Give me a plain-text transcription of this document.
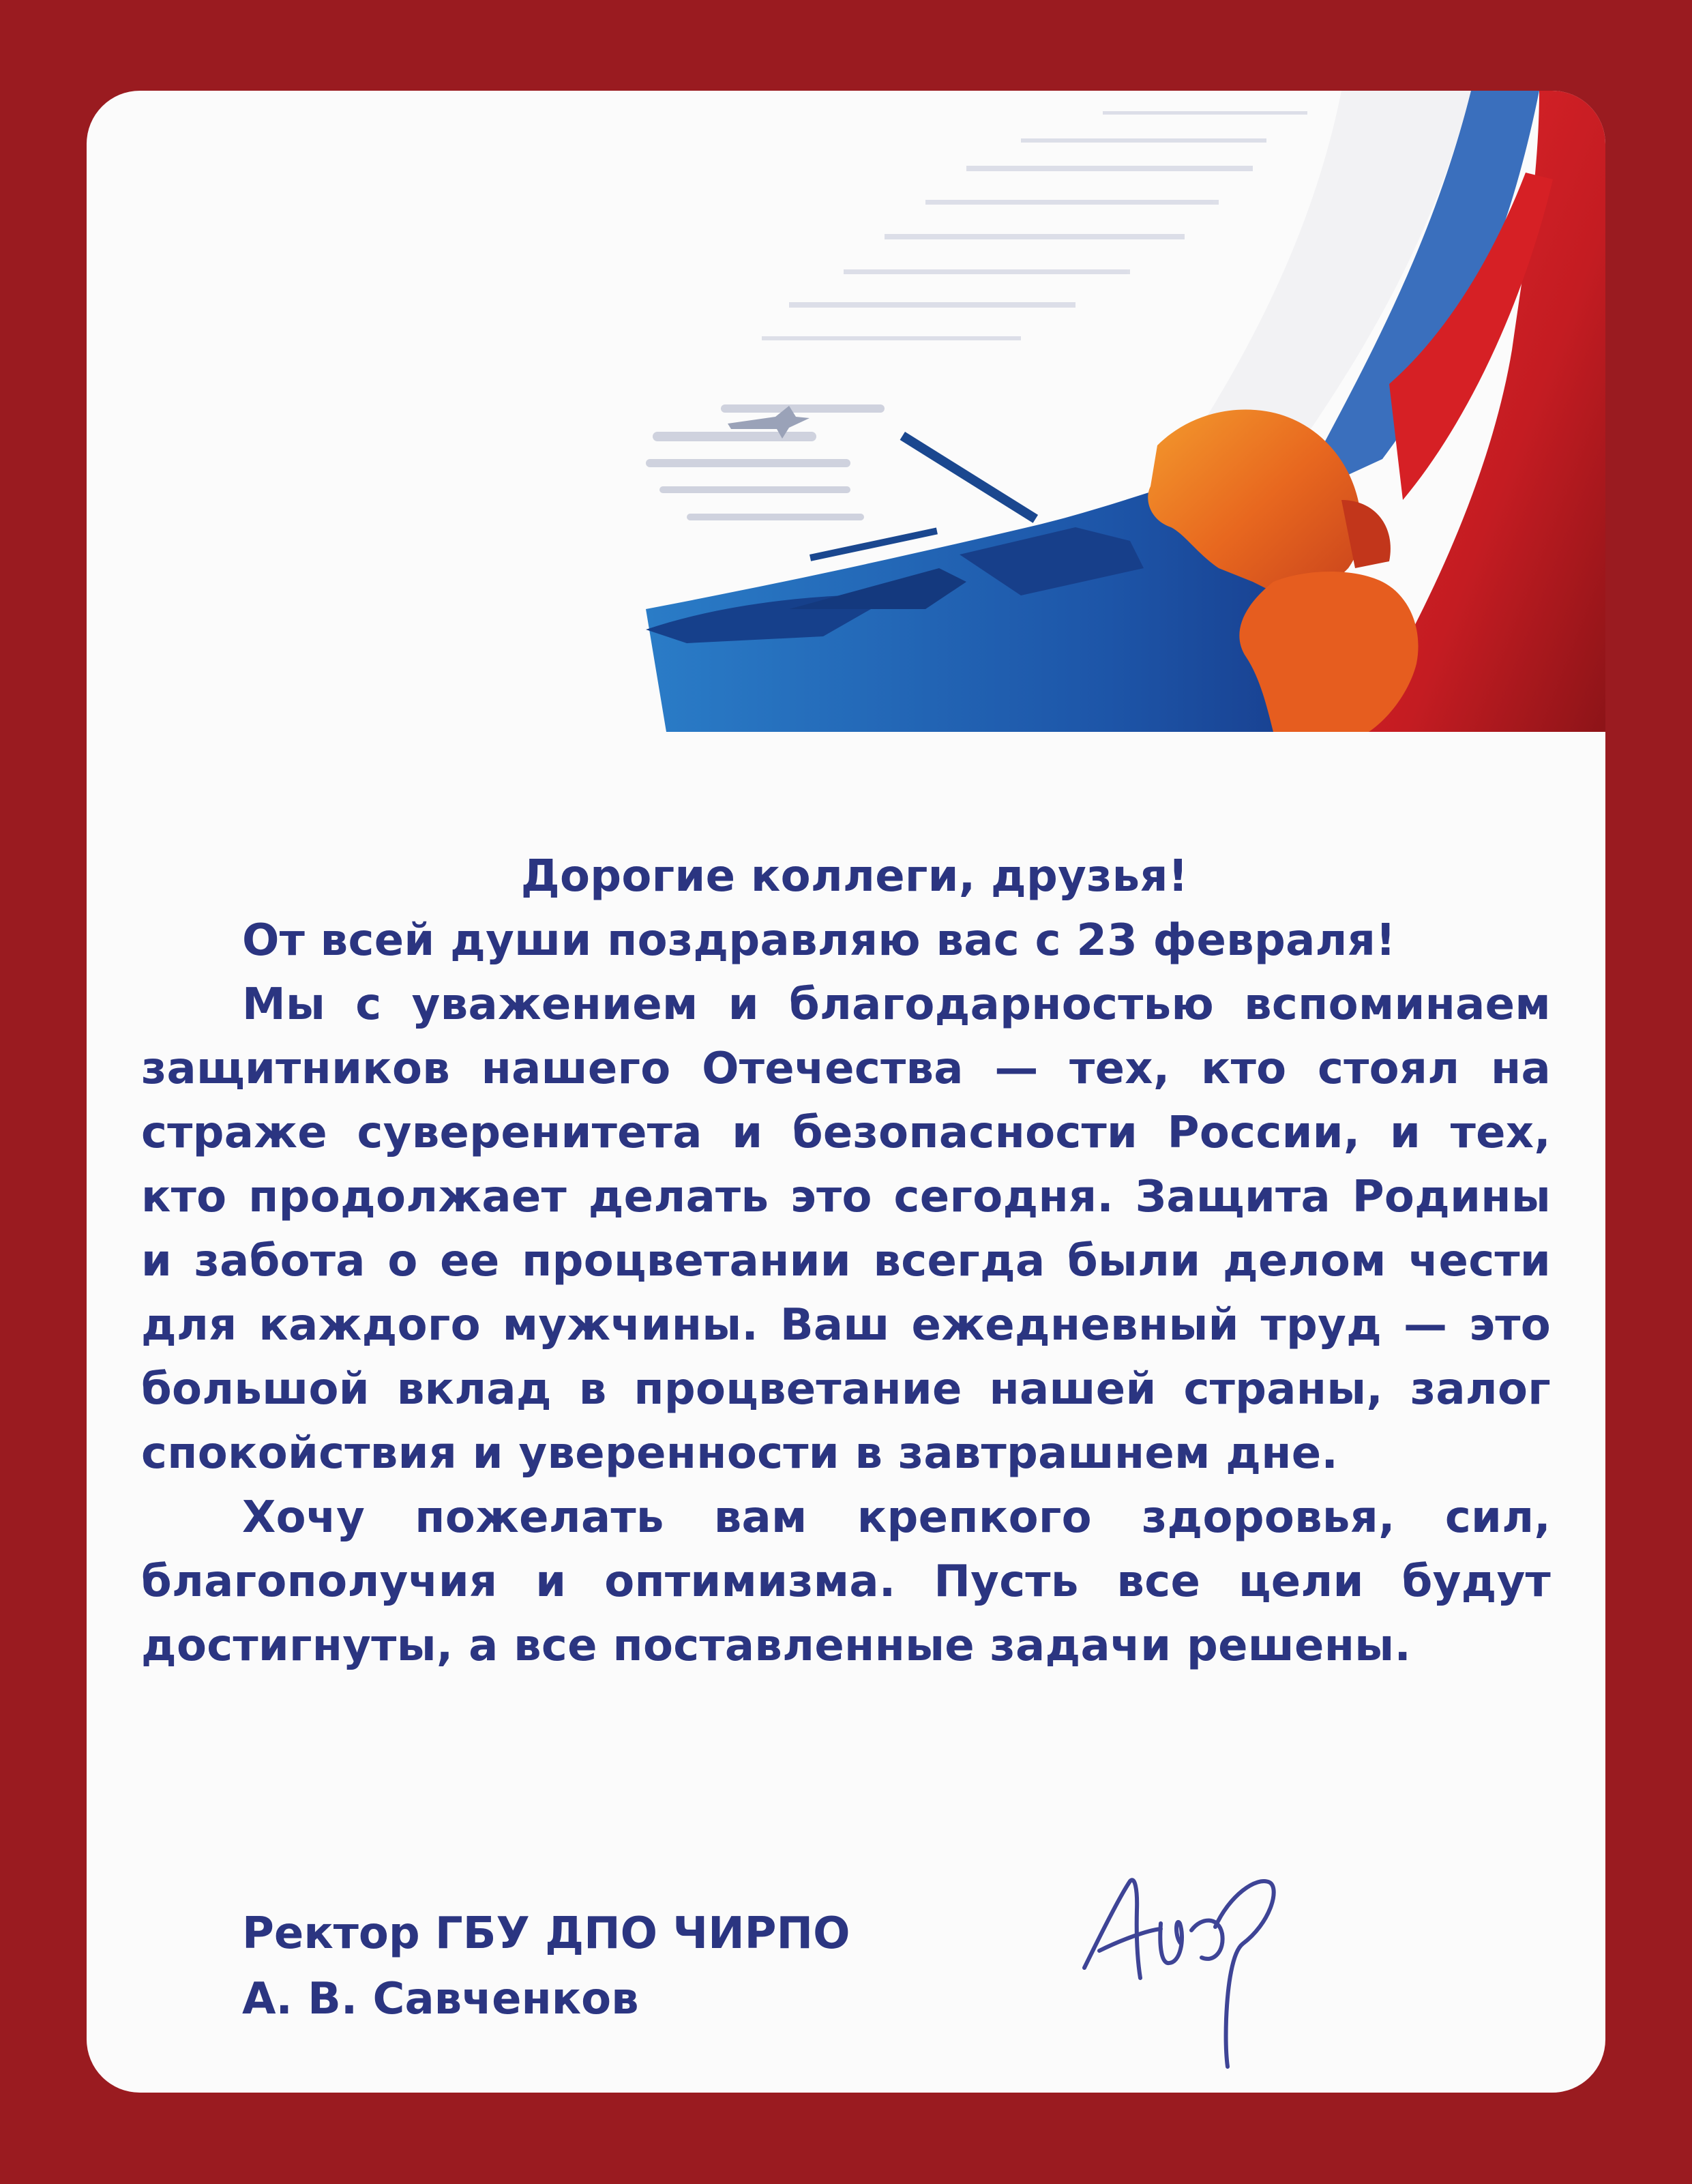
Дорогие коллеги, друзья!

От всей души поздравляю вас с 23 февраля!

Мы с уважением и благодарностью вспоминаем защитников нашего Отечества — тех, кто стоял на страже суверенитета и безопасности России, и тех, кто продолжает делать это сегодня. Защита Родины и забота о ее процветании всегда были делом чести для каждого мужчины. Ваш ежедневный труд — это большой вклад в процветание нашей страны, залог спокойствия и уверенности в завтрашнем дне.

Хочу пожелать вам крепкого здоровья, сил, благополучия и оптимизма. Пусть все цели будут достигнуты, а все поставленные задачи решены.

Ректор ГБУ ДПО ЧИРПО
А. В. Савченков
